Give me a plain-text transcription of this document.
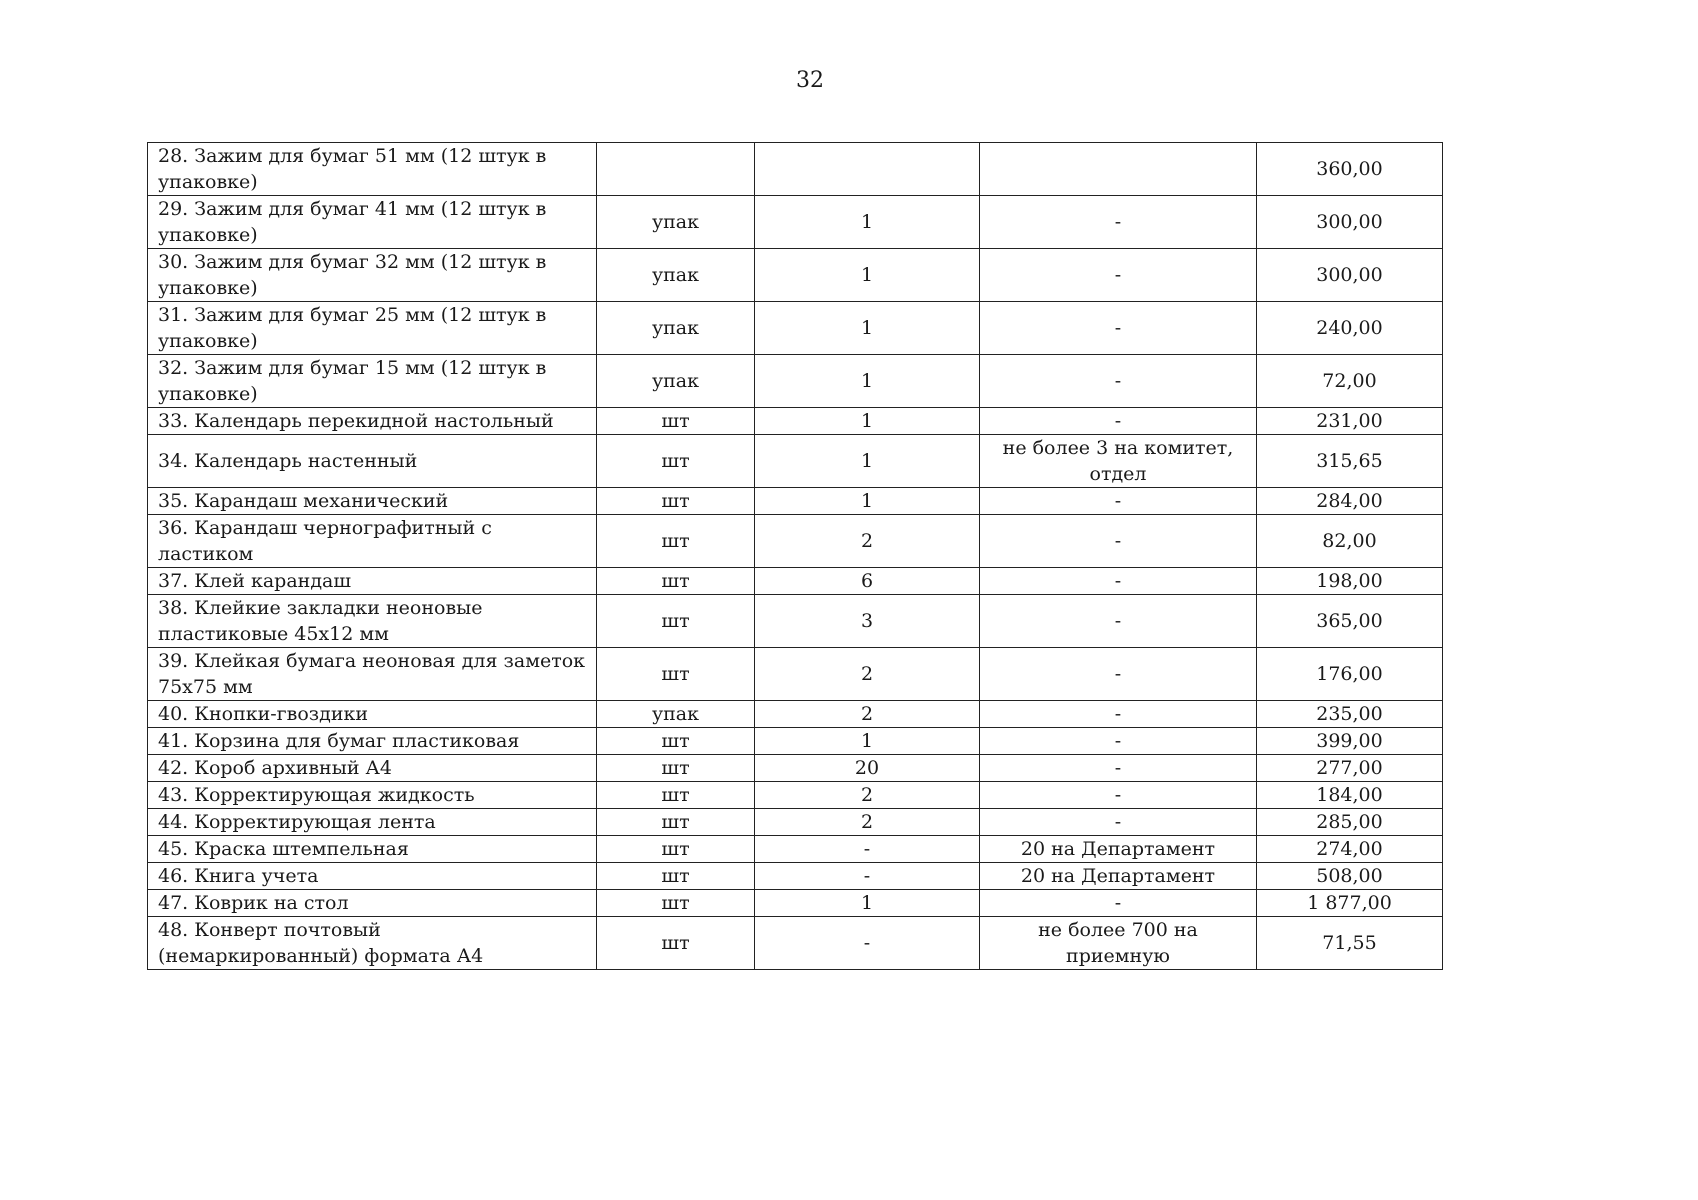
32
28. Зажим для бумаг 51 мм (12 штук в упаковке)				360,00
29. Зажим для бумаг 41 мм (12 штук в упаковке)	упак	1	-	300,00
30. Зажим для бумаг 32 мм (12 штук в упаковке)	упак	1	-	300,00
31. Зажим для бумаг 25 мм (12 штук в упаковке)	упак	1	-	240,00
32. Зажим для бумаг 15 мм (12 штук в упаковке)	упак	1	-	72,00
33. Календарь перекидной настольный	шт	1	-	231,00
34. Календарь настенный	шт	1	не более 3 на комитет, отдел	315,65
35. Карандаш механический	шт	1	-	284,00
36. Карандаш чернографитный с ластиком	шт	2	-	82,00
37. Клей карандаш	шт	6	-	198,00
38. Клейкие закладки неоновые пластиковые 45х12 мм	шт	3	-	365,00
39. Клейкая бумага неоновая для заметок 75х75 мм	шт	2	-	176,00
40. Кнопки-гвоздики	упак	2	-	235,00
41. Корзина для бумаг пластиковая	шт	1	-	399,00
42. Короб архивный А4	шт	20	-	277,00
43. Корректирующая жидкость	шт	2	-	184,00
44. Корректирующая лента	шт	2	-	285,00
45. Краска штемпельная	шт	-	20 на Департамент	274,00
46. Книга учета	шт	-	20 на Департамент	508,00
47. Коврик на стол	шт	1	-	1 877,00
48. Конверт почтовый (немаркированный) формата А4	шт	-	не более 700 на приемную	71,55
